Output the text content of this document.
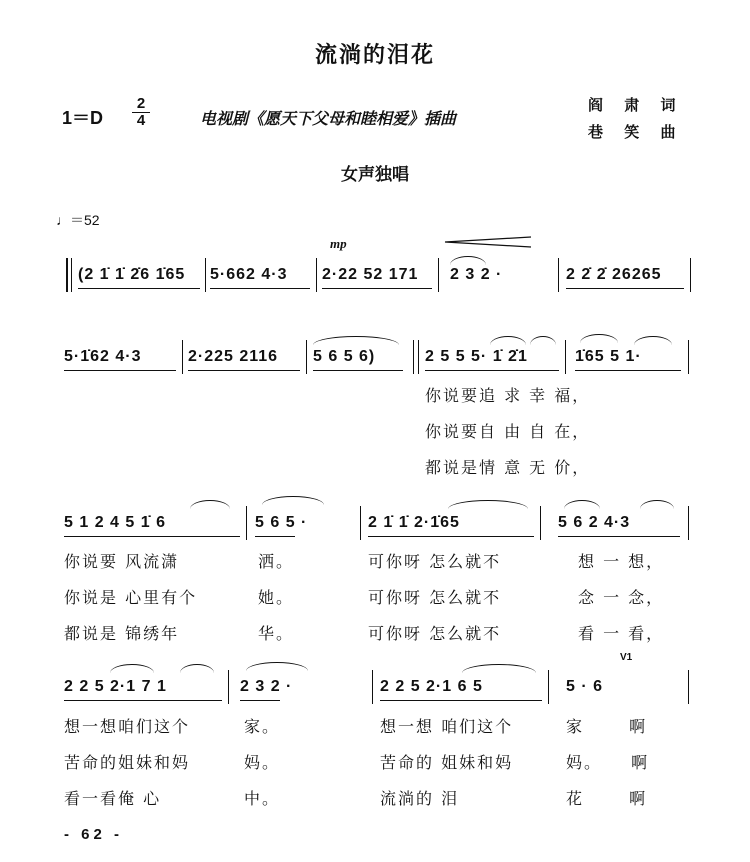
流淌的泪花
1＝D
2
4	电视剧《愿天下父母和睦相爱》插曲
阎 肃 词
巷 笑 曲
女声独唱
♩＝52
mp
(2 1̇ 1̇ 2̇6 1̇65 5·662 4·3 2·22 52 171 2 3 2 ·	2 2̇ 2̇ 26265
5·1̇62 4·3	2·225 2116 5 6 5 6)	2 5 5 5· 1̇ 2̇1	1̇65 5 1·
你说要追 求 幸 福，
你说要自 由 自 在，
都说是情 意 无 价，
5 1 2 4 5 1̇ 6	5 6 5 ·	2 1̇ 1̇ 2·1̇65	5 6 2 4·3
你说要 风流潇	洒。	可你呀 怎么就不	想 一 想，
你说是 心里有个	她。	可你呀 怎么就不	念 一 念，
都说是 锦绣年	华。	可你呀 怎么就不	看 一 看，
2 2 5 2·1 7 1	2 3 2 ·	2 2 5 2·1 6 5	5 · 6
V1
想一想咱们这个	家。	想一想 咱们这个	家 啊
苦命的姐妹和妈	妈。	苦命的 姐妹和妈	妈。 啊
看一看俺 心	中。	流淌的 泪	花 啊
- 62 -
